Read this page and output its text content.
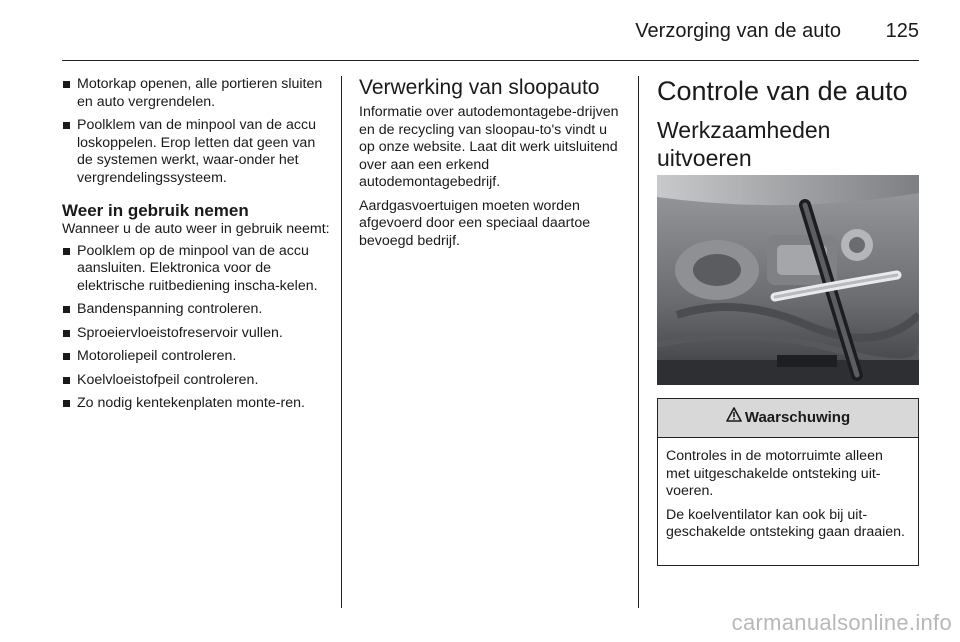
Verzorging van de auto 125
Motorkap openen, alle portieren sluiten en auto vergrendelen.
Poolklem van de minpool van de accu loskoppelen. Erop letten dat geen van de systemen werkt, waar-onder het vergrendelingssysteem.
Weer in gebruik nemen

Wanneer u de auto weer in gebruik neemt:

Poolklem op de minpool van de accu aansluiten. Elektronica voor de elektrische ruitbediening inscha-kelen.
Bandenspanning controleren.
Sproeiervloeistofreservoir vullen.
Motoroliepeil controleren.
Koelvloeistofpeil controleren.
Zo nodig kentekenplaten monte-ren.
Verwerking van sloopauto

Informatie over autodemontagebe-drijven en de recycling van sloopau-to's vindt u op onze website. Laat dit werk uitsluitend over aan een erkend autodemontagebedrijf.

Aardgasvoertuigen moeten worden afgevoerd door een speciaal daartoe bevoegd bedrijf.

Controle van de auto
Werkzaamheden uitvoeren
Waarschuwing

Controles in de motorruimte alleen met uitgeschakelde ontsteking uit-voeren.

De koelventilator kan ook bij uit-geschakelde ontsteking gaan draaien.

carmanualsonline.info
